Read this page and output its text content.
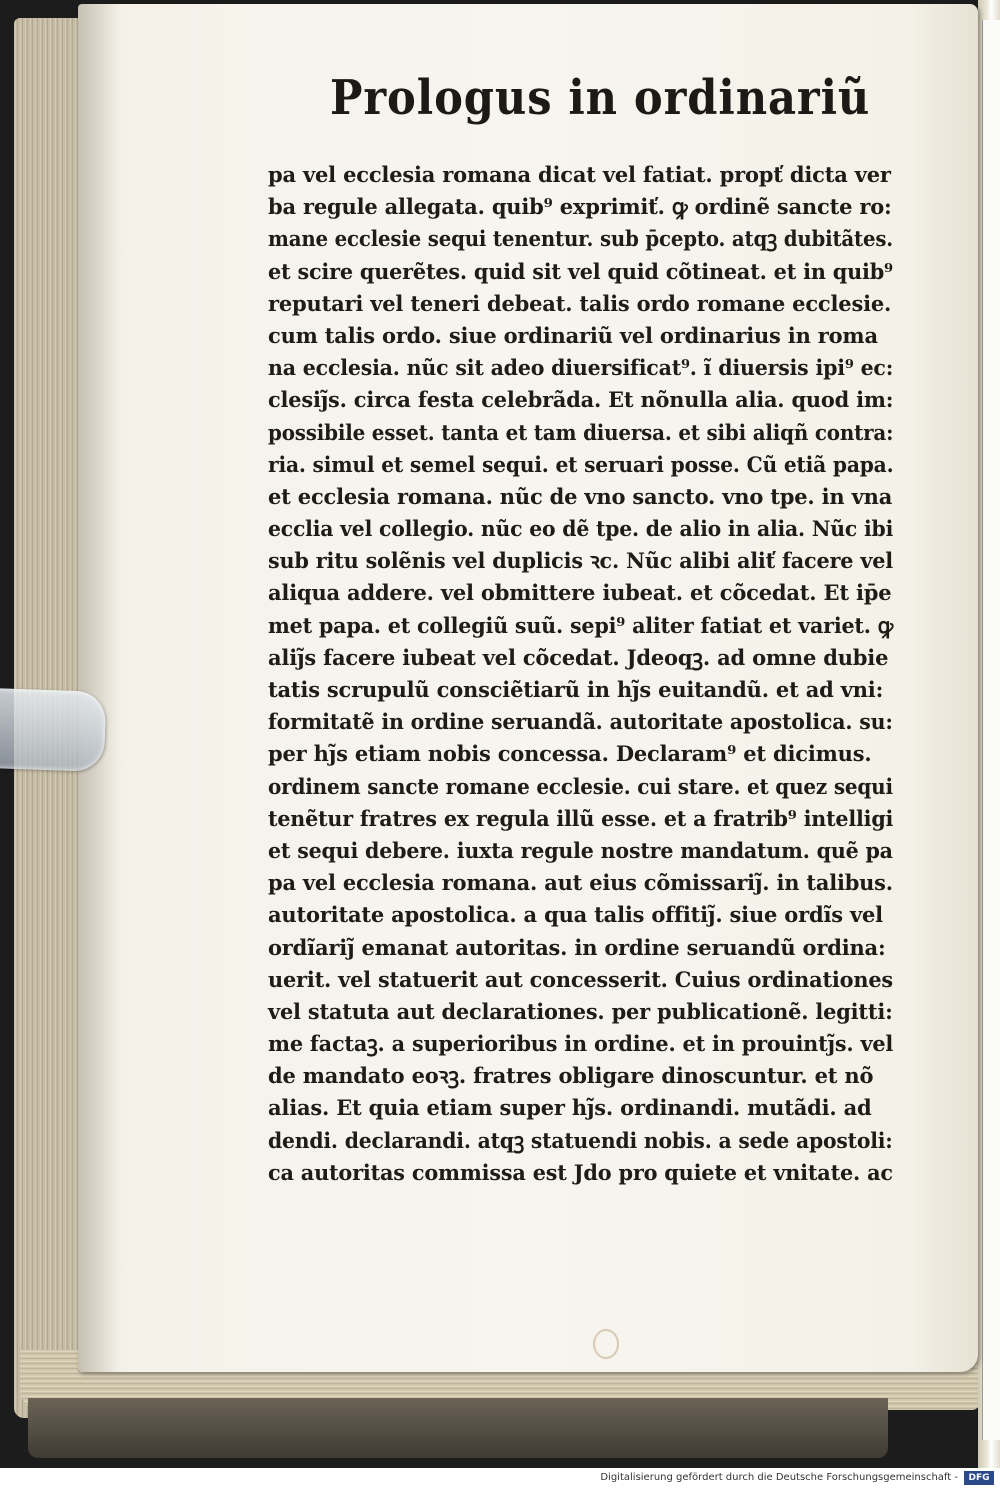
Prologus in ordinariũ
pa vel ecclesia romana dicat vel fatiat. propť dicta ver
ba regule allegata. quib⁹ exprimiť. ꝙ ordinẽ sancte ro:
mane ecclesie sequi tenentur. sub p̄cepto. atqꝫ dubitãtes.
et scire querẽtes. quid sit vel quid cõtineat. et in quib⁹
reputari vel teneri debeat. talis ordo romane ecclesie.
cum talis ordo. siue ordinariũ vel ordinarius in roma
na ecclesia. nũc sit adeo diuersificat⁹. ĩ diuersis ipi⁹ ec:
clesiȷ̃s. circa festa celebrãda. Et nõnulla alia. quod im:
possibile esset. tanta et tam diuersa. et sibi aliqñ contra:
ria. simul et semel sequi. et seruari posse. Cũ etiã papa.
et ecclesia romana. nũc de vno sancto. vno tpe. in vna
ecclia vel collegio. nũc eo dẽ tpe. de alio in alia. Nũc ibi
sub ritu solẽnis vel duplicis ꝛc. Nũc alibi aliť facere vel
aliqua addere. vel obmittere iubeat. et cõcedat. Et ip̄e
met papa. et collegiũ suũ. sepi⁹ aliter fatiat et variet. ꝙ
aliȷ̃s facere iubeat vel cõcedat. Jdeoqꝫ. ad omne dubie
tatis scrupulũ consciẽtiarũ in hȷ̃s euitandũ. et ad vni:
formitatẽ in ordine seruandã. autoritate apostolica. su:
per hȷ̃s etiam nobis concessa. Declaram⁹ et dicimus.
ordinem sancte romane ecclesie. cui stare. et quez sequi
tenẽtur fratres ex regula illũ esse. et a fratrib⁹ intelligi
et sequi debere. iuxta regule nostre mandatum. quẽ pa
pa vel ecclesia romana. aut eius cõmissariȷ̃. in talibus.
autoritate apostolica. a qua talis offitiȷ̃. siue ordĩs vel
ordĩariȷ̃ emanat autoritas. in ordine seruandũ ordina:
uerit. vel statuerit aut concesserit. Cuius ordinationes
vel statuta aut declarationes. per publicationẽ. legitti:
me factaꝫ. a superioribus in ordine. et in prouintȷ̃s. vel
de mandato eoꝛꝫ. fratres obligare dinoscuntur. et nõ
alias. Et quia etiam super hȷ̃s. ordinandi. mutãdi. ad
dendi. declarandi. atqꝫ statuendi nobis. a sede apostoli:
ca autoritas commissa est Jdo pro quiete et vnitate. ac
Digitalisierung gefördert durch die Deutsche Forschungsgemeinschaft -	DFG
